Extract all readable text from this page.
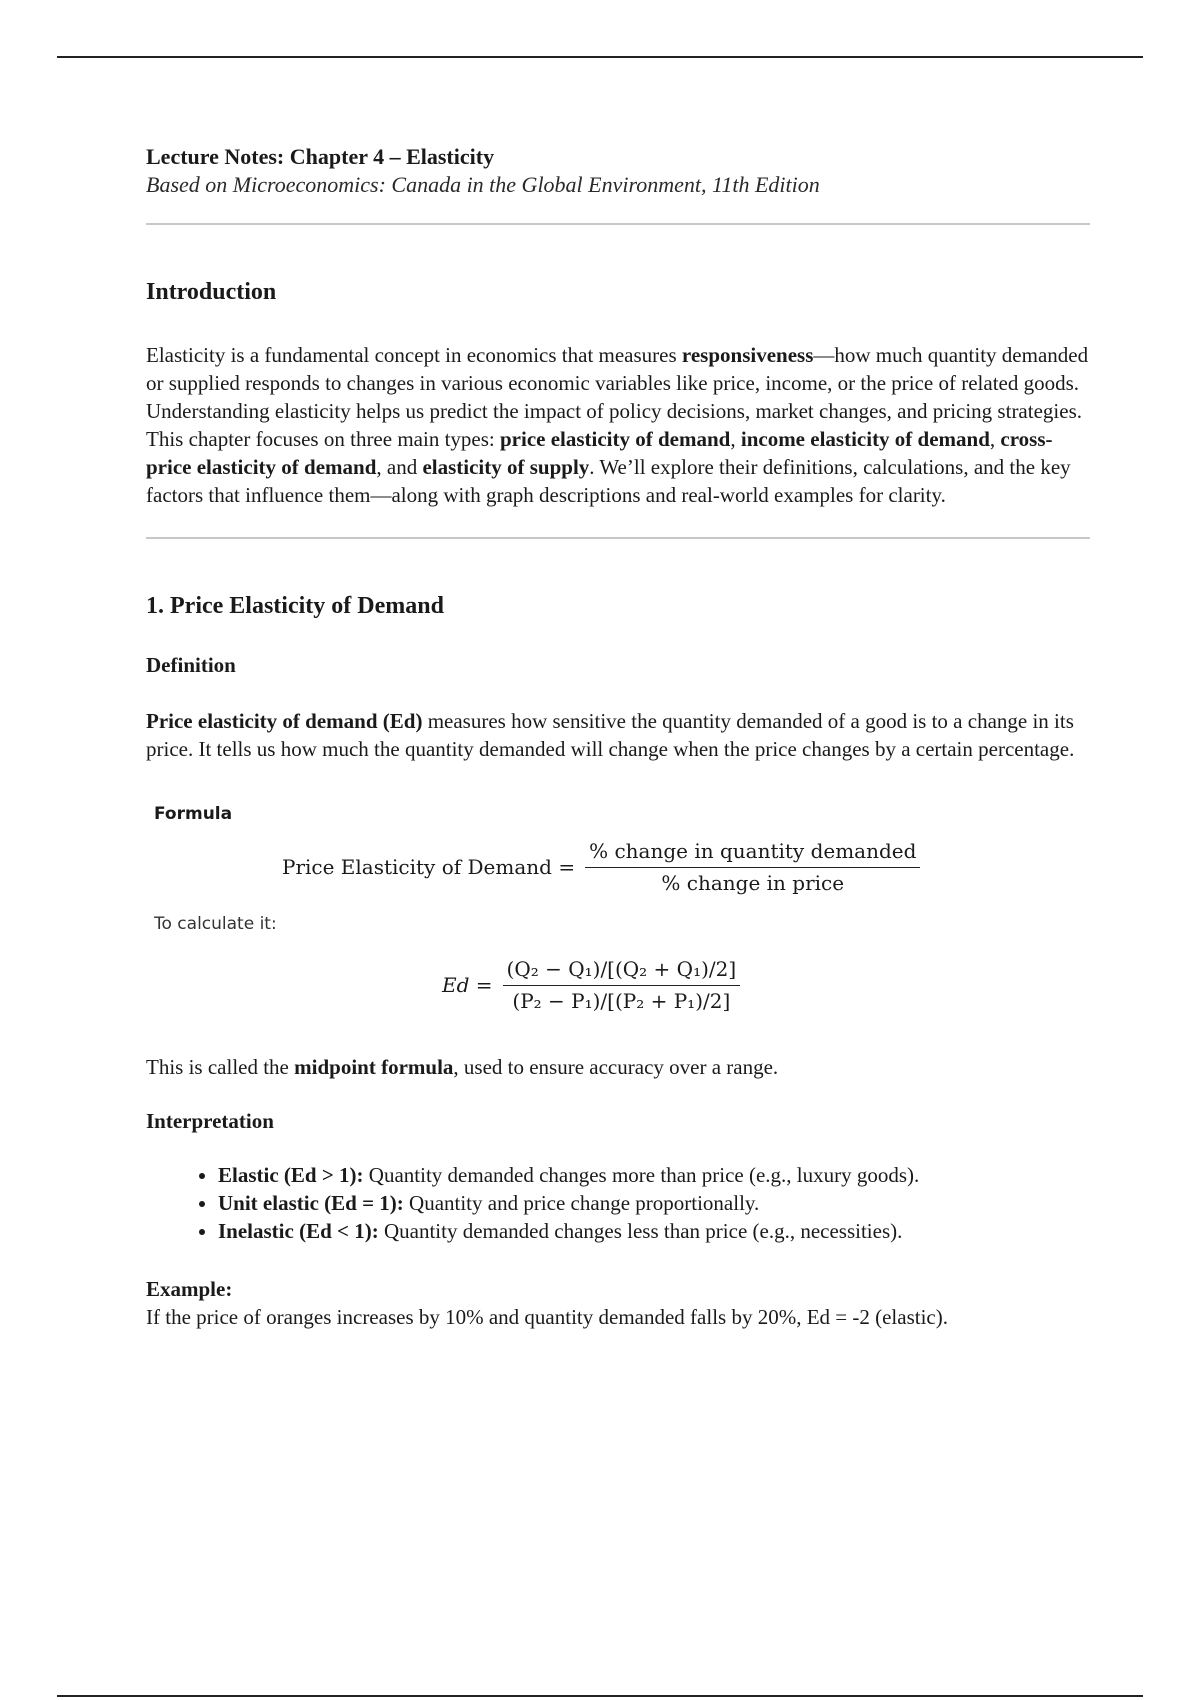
Lecture Notes: Chapter 4 – Elasticity

Based on Microeconomics: Canada in the Global Environment, 11th Edition

Introduction

Elasticity is a fundamental concept in economics that measures responsiveness—how much quantity demanded or supplied responds to changes in various economic variables like price, income, or the price of related goods. Understanding elasticity helps us predict the impact of policy decisions, market changes, and pricing strategies. This chapter focuses on three main types: price elasticity of demand, income elasticity of demand, cross-price elasticity of demand, and elasticity of supply. We’ll explore their definitions, calculations, and the key factors that influence them—along with graph descriptions and real-world examples for clarity.

1. Price Elasticity of Demand
Definition

Price elasticity of demand (Ed) measures how sensitive the quantity demanded of a good is to a change in its price. It tells us how much the quantity demanded will change when the price changes by a certain percentage.

Formula
Price Elasticity of Demand = $\frac{\text{\% change in quantity demanded}}{\text{\% change in price}}$
To calculate it:
$Ed = \frac{\text{(Q₂ − Q₁)/[(Q₂ + Q₁)/2]}}{\text{(P₂ − P₁)/[(P₂ + P₁)/2]}}$

This is called the midpoint formula, used to ensure accuracy over a range.

Interpretation
• Elastic (Ed > 1): Quantity demanded changes more than price (e.g., luxury goods).
• Unit elastic (Ed = 1): Quantity and price change proportionally.
• Inelastic (Ed < 1): Quantity demanded changes less than price (e.g., necessities).
Example:

If the price of oranges increases by 10% and quantity demanded falls by 20%, Ed = -2 (elastic).
